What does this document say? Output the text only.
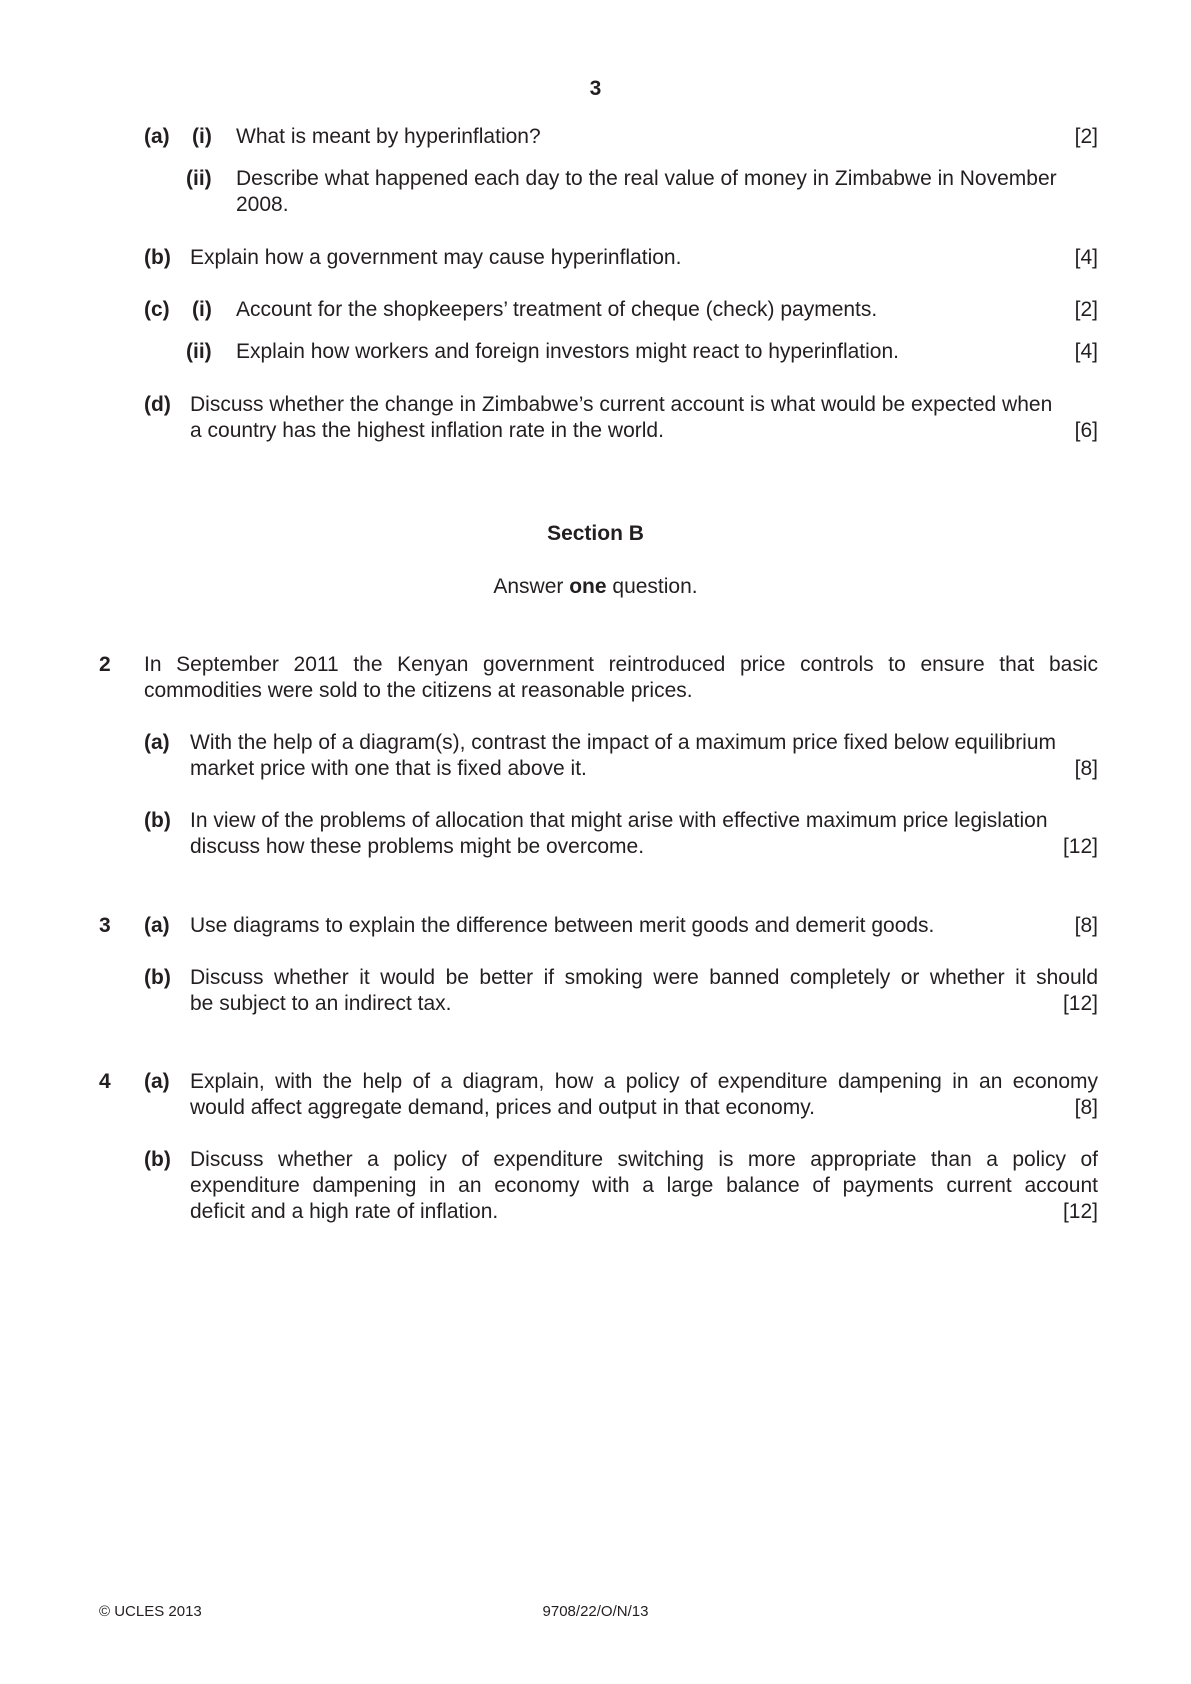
3
(a) (i) What is meant by hyperinflation?	[2]
(ii) Describe what happened each day to the real value of money in Zimbabwe in November
2008.
(b) Explain how a government may cause hyperinflation.	[4]
(c) (i) Account for the shopkeepers’ treatment of cheque (check) payments.	[2]
(ii) Explain how workers and foreign investors might react to hyperinflation.	[4]
(d) Discuss whether the change in Zimbabwe’s current account is what would be expected when
a country has the highest inflation rate in the world.	[6]
Section B
Answer one question.
2 In September 2011 the Kenyan government reintroduced price controls to ensure that basic
commodities were sold to the citizens at reasonable prices.
(a) With the help of a diagram(s), contrast the impact of a maximum price fixed below equilibrium
market price with one that is fixed above it.	[8]
(b) In view of the problems of allocation that might arise with effective maximum price legislation
discuss how these problems might be overcome.	[12]
3 (a) Use diagrams to explain the difference between merit goods and demerit goods.	[8]
(b) Discuss whether it would be better if smoking were banned completely or whether it should
be subject to an indirect tax.	[12]
4 (a) Explain, with the help of a diagram, how a policy of expenditure dampening in an economy
would affect aggregate demand, prices and output in that economy.	[8]
(b) Discuss whether a policy of expenditure switching is more appropriate than a policy of
expenditure dampening in an economy with a large balance of payments current account
deficit and a high rate of inflation.	[12]
© UCLES 2013	9708/22/O/N/13
